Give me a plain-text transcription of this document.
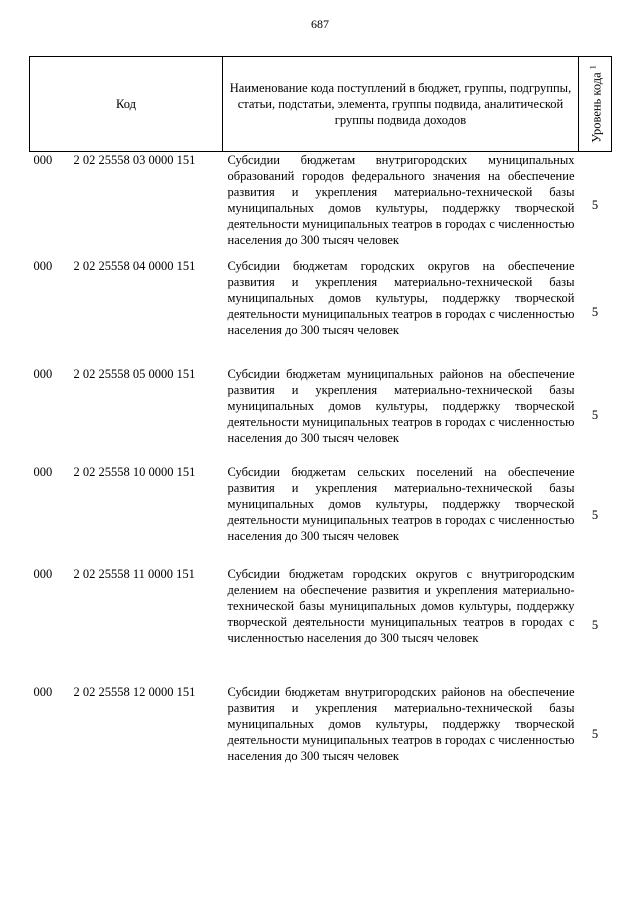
687
Код	Наименование кода поступлений в бюджет, группы, подгруппы, статьи, подстатьи, элемента, группы подвида, аналитической группы подвида доходов	Уровень кода $^1$

000 2 02 25558 03 0000 151	Субсидии бюджетам внутригородских муниципальных образований городов федерального значения на обеспечение развития и укрепления материально-технической базы муниципальных домов культуры, поддержку творческой деятельности муниципальных театров в городах с численностью населения до 300 тысяч человек	5

000 2 02 25558 04 0000 151	Субсидии бюджетам городских округов на обеспечение развития и укрепления материально-технической базы муниципальных домов культуры, поддержку творческой деятельности муниципальных театров в городах с численностью населения до 300 тысяч человек	5

000 2 02 25558 05 0000 151	Субсидии бюджетам муниципальных районов на обеспечение развития и укрепления материально-технической базы муниципальных домов культуры, поддержку творческой деятельности муниципальных театров в городах с численностью населения до 300 тысяч человек	5

000 2 02 25558 10 0000 151	Субсидии бюджетам сельских поселений на обеспечение развития и укрепления материально-технической базы муниципальных домов культуры, поддержку творческой деятельности муниципальных театров в городах с численностью населения до 300 тысяч человек	5

000 2 02 25558 11 0000 151	Субсидии бюджетам городских округов с внутригородским делением на обеспечение развития и укрепления материально-технической базы муниципальных домов культуры, поддержку творческой деятельности муниципальных театров в городах с численностью населения до 300 тысяч человек	5

000 2 02 25558 12 0000 151	Субсидии бюджетам внутригородских районов на обеспечение развития и укрепления материально-технической базы муниципальных домов культуры, поддержку творческой деятельности муниципальных театров в городах с численностью населения до 300 тысяч человек	5
